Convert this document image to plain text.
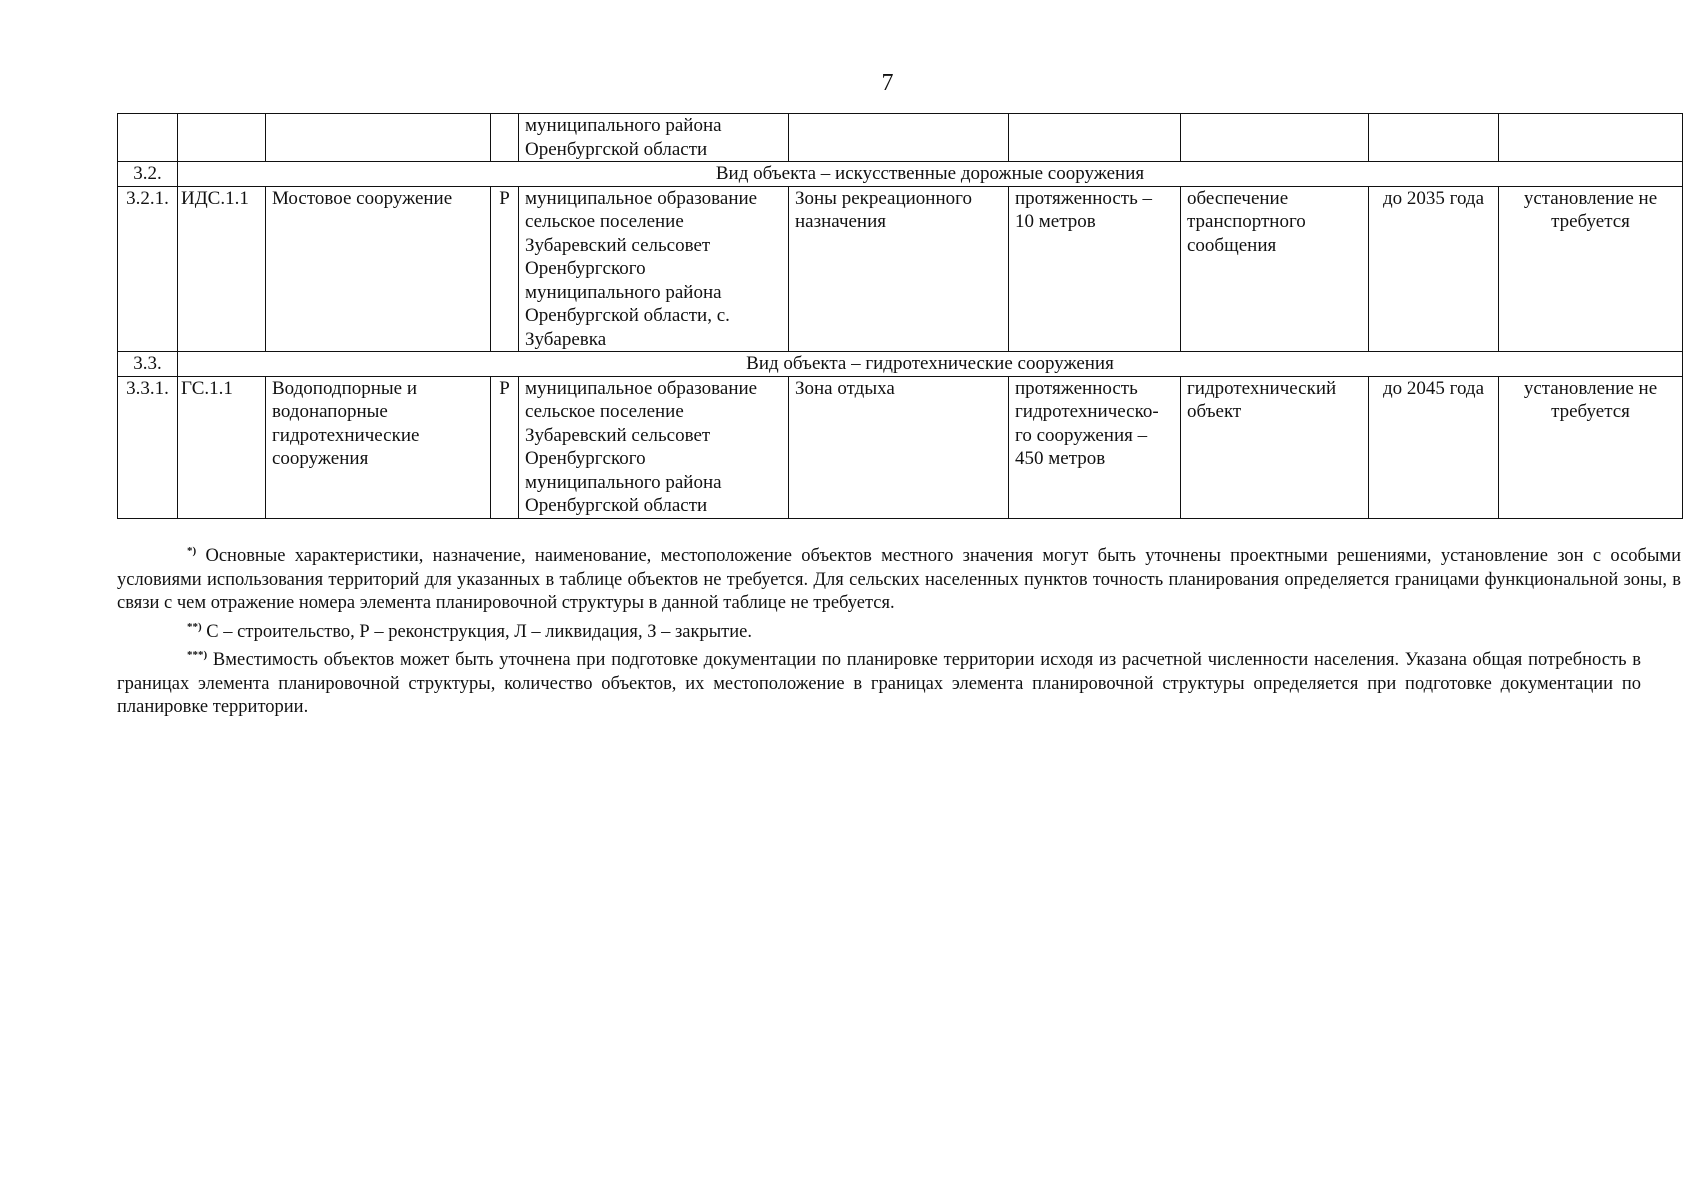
7
				муниципального района Оренбургской области					
3.2.	Вид объекта – искусственные дорожные сооружения								
3.2.1.	ИДС.1.1	Мостовое сооружение	Р	муниципальное образование сельское поселение Зубаревский сельсовет Оренбургского муниципального района Оренбургской области, с. Зубаревка	Зоны рекреационного назначения	протяженность – 10 метров	обеспечение транспортного сообщения	до 2035 года	установление не требуется
3.3.	Вид объекта – гидротехнические сооружения								
3.3.1.	ГС.1.1	Водоподпорные и водонапорные гидротехнические сооружения	Р	муниципальное образование сельское поселение Зубаревский сельсовет Оренбургского муниципального района Оренбургской области	Зона отдыха	протяженность гидротехническо-го сооружения – 450 метров	гидротехнический объект	до 2045 года	установление не требуется

*) Основные характеристики, назначение, наименование, местоположение объектов местного значения могут быть уточнены проектными решениями, установление зон с особыми условиями использования территорий для указанных в таблице объектов не требуется. Для сельских населенных пунктов точность планирования определяется границами функциональной зоны, в связи с чем отражение номера элемента планировочной структуры в данной таблице не требуется.

**) С – строительство, Р – реконструкция, Л – ликвидация, З – закрытие.

***) Вместимость объектов может быть уточнена при подготовке документации по планировке территории исходя из расчетной численности населения. Указана общая потребность в границах элемента планировочной структуры, количество объектов, их местоположение в границах элемента планировочной структуры определяется при подготовке документации по планировке территории.
